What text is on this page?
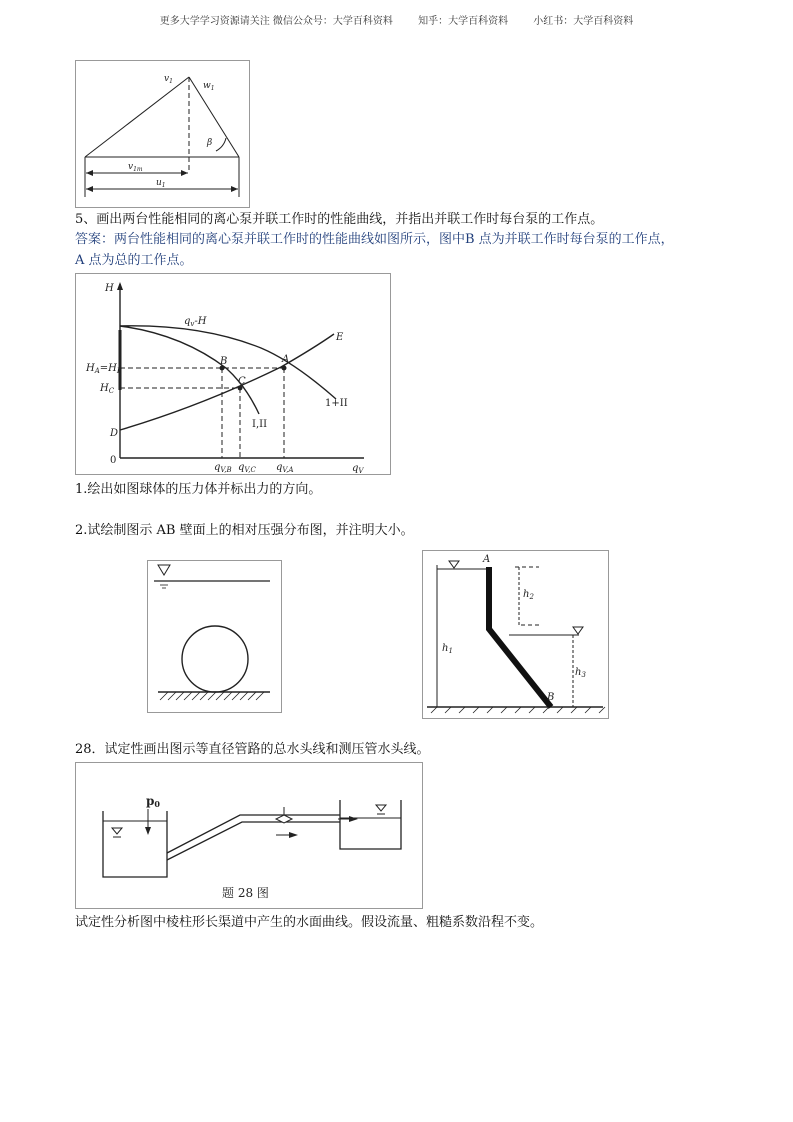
更多大学学习资源请关注 微信公众号：大学百科资料	知乎：大学百科资料	小红书：大学百科资料
$v_1$	$w_1$
β
$v_{1m}$
$u_1$
5、画出两台性能相同的离心泵并联工作时的性能曲线，并指出并联工作时每台泵的工作点。
答案：两台性能相同的离心泵并联工作时的性能曲线如图所示，图中B 点为并联工作时每台泵的工作点，
A 点为总的工作点。
H
$q_V$
0
$q_v-H$
E
1+II
I,II
A
B
C
D
$H_A=H_B$
$H_C$
$q_{V,B}$ $q_{V,C}$ $q_{V,A}$
1.绘出如图球体的压力体并标出力的方向。
2.试绘制图示 AB 壁面上的相对压强分布图，并注明大小。
A
B
$h_1$
$h_2$
$h_3$
28．试定性画出图示等直径管路的总水头线和测压管水头线。
p0
题 28 图
试定性分析图中棱柱形长渠道中产生的水面曲线。假设流量、粗糙系数沿程不变。
